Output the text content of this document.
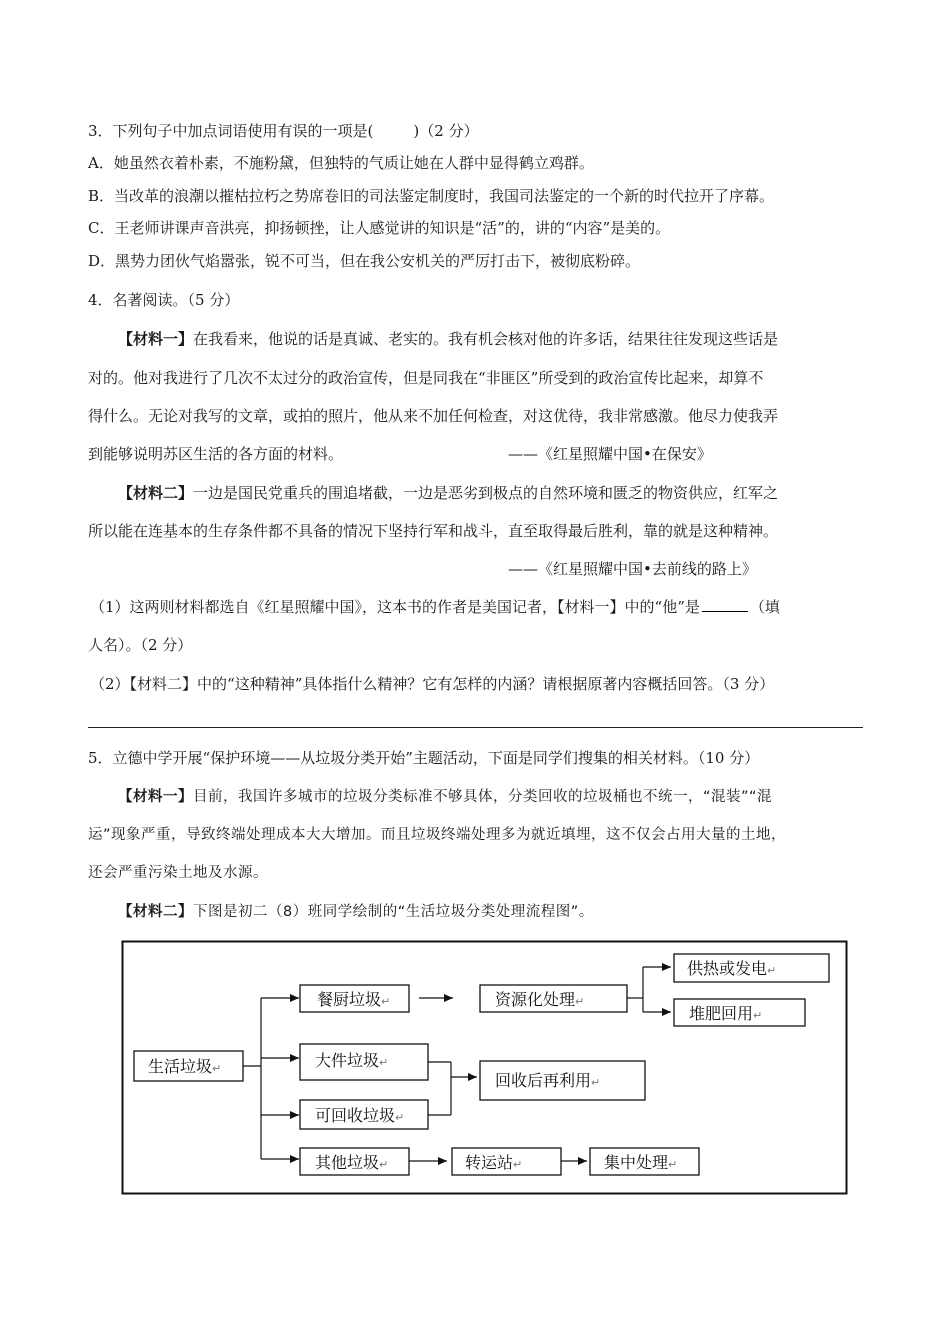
3．下列句子中加点词语使用有误的一项是(	)（2 分）
A．她虽然衣着朴素，不施粉黛，但独特的气质让她在人群中显得鹤立鸡群。
B．当改革的浪潮以摧枯拉朽之势席卷旧的司法鉴定制度时，我国司法鉴定的一个新的时代拉开了序幕。
C．王老师讲课声音洪亮，抑扬顿挫，让人感觉讲的知识是“活”的，讲的“内容”是美的。
D．黑势力团伙气焰嚣张，锐不可当，但在我公安机关的严厉打击下，被彻底粉碎。
4．名著阅读。（5 分）
【材料一】在我看来，他说的话是真诚、老实的。我有机会核对他的许多话，结果往往发现这些话是
对的。他对我进行了几次不太过分的政治宣传，但是同我在“非匪区”所受到的政治宣传比起来，却算不
得什么。无论对我写的文章，或拍的照片，他从来不加任何检查，对这优待，我非常感激。他尽力使我弄
到能够说明苏区生活的各方面的材料。	——《红星照耀中国•在保安》
【材料二】一边是国民党重兵的围追堵截，一边是恶劣到极点的自然环境和匮乏的物资供应，红军之
所以能在连基本的生存条件都不具备的情况下坚持行军和战斗，直至取得最后胜利，靠的就是这种精神。
——《红星照耀中国•去前线的路上》
（1）这两则材料都选自《红星照耀中国》，这本书的作者是美国记者，【材料一】中的“他”是	（填
人名）。（2 分）
（2）【材料二】中的“这种精神”具体指什么精神？它有怎样的内涵？请根据原著内容概括回答。（3 分）
5．立德中学开展“保护环境——从垃圾分类开始”主题活动，下面是同学们搜集的相关材料。（10 分）
【材料一】目前，我国许多城市的垃圾分类标准不够具体，分类回收的垃圾桶也不统一，“混装”“混
运”现象严重，导致终端处理成本大大增加。而且垃圾终端处理多为就近填埋，这不仅会占用大量的土地，
还会严重污染土地及水源。
【材料二】下图是初二（8）班同学绘制的“生活垃圾分类处理流程图”。
生活垃圾↵
餐厨垃圾↵	资源化处理↵
供热或发电↵
堆肥回用↵
大件垃圾↵
可回收垃圾↵
回收后再利用↵
其他垃圾↵	转运站↵	集中处理↵
